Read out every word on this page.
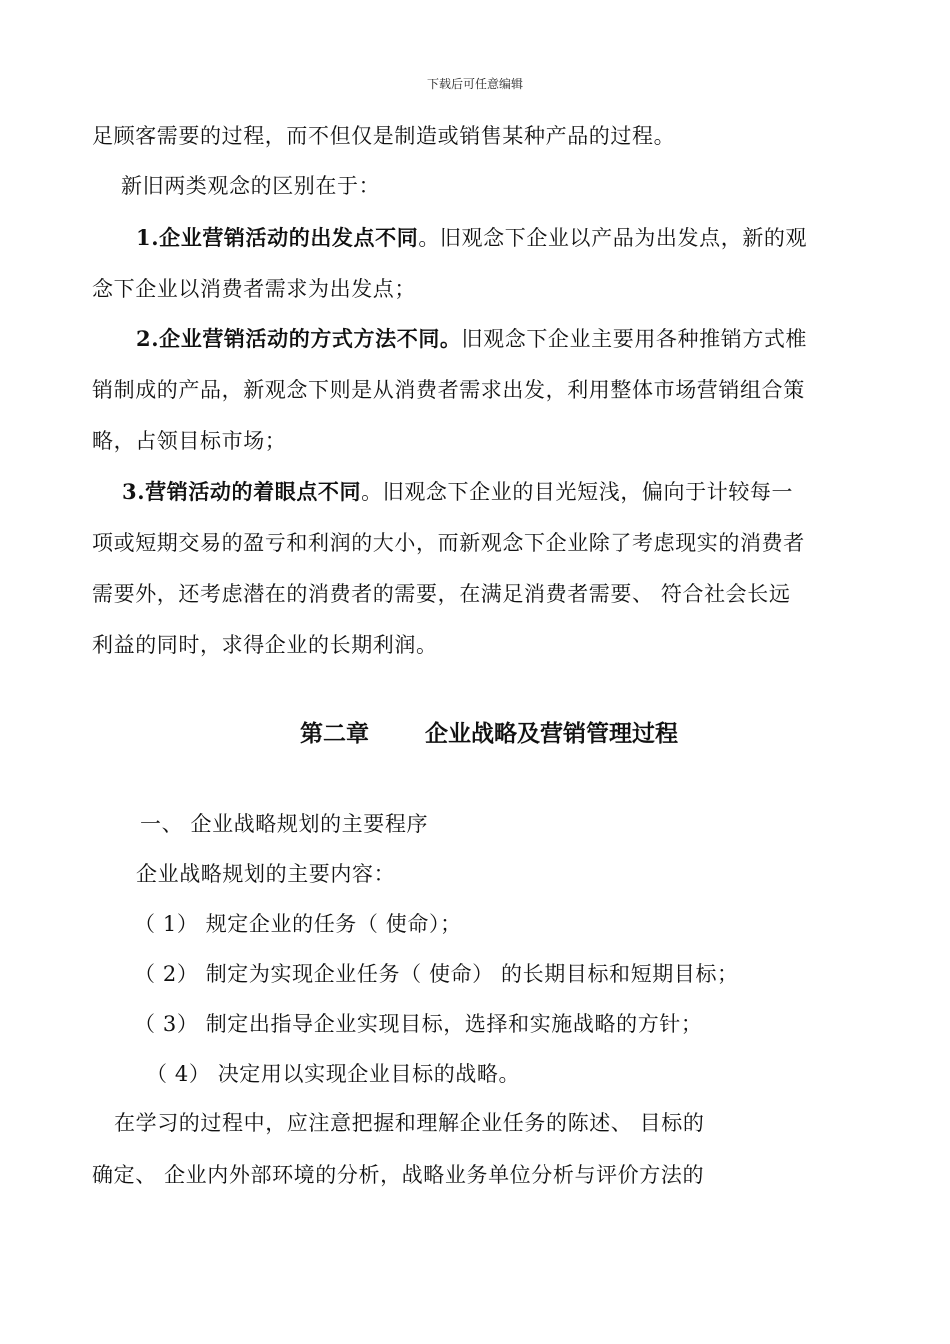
下载后可任意编辑
足顾客需要的过程，而不但仅是制造或销售某种产品的过程。
新旧两类观念的区别在于：
1.企业营销活动的出发点不同。旧观念下企业以产品为出发点，新的观
念下企业以消费者需求为出发点；
2.企业营销活动的方式方法不同。旧观念下企业主要用各种推销方式椎
销制成的产品，新观念下则是从消费者需求出发，利用整体市场营销组合策
略，占领目标市场；
3.营销活动的着眼点不同。旧观念下企业的目光短浅，偏向于计较每一
项或短期交易的盈亏和利润的大小，而新观念下企业除了考虑现实的消费者
需要外，还考虑潜在的消费者的需要，在满足消费者需要、 符合社会长远
利益的同时，求得企业的长期利润。
第二章 企业战略及营销管理过程
一、 企业战略规划的主要程序
企业战略规划的主要内容：
（ 1） 规定企业的任务（ 使命）；
（ 2） 制定为实现企业任务（ 使命） 的长期目标和短期目标；
（ 3） 制定出指导企业实现目标，选择和实施战略的方针；
（ 4） 决定用以实现企业目标的战略。
在学习的过程中，应注意把握和理解企业任务的陈述、 目标的
确定、 企业内外部环境的分析，战略业务单位分析与评价方法的
